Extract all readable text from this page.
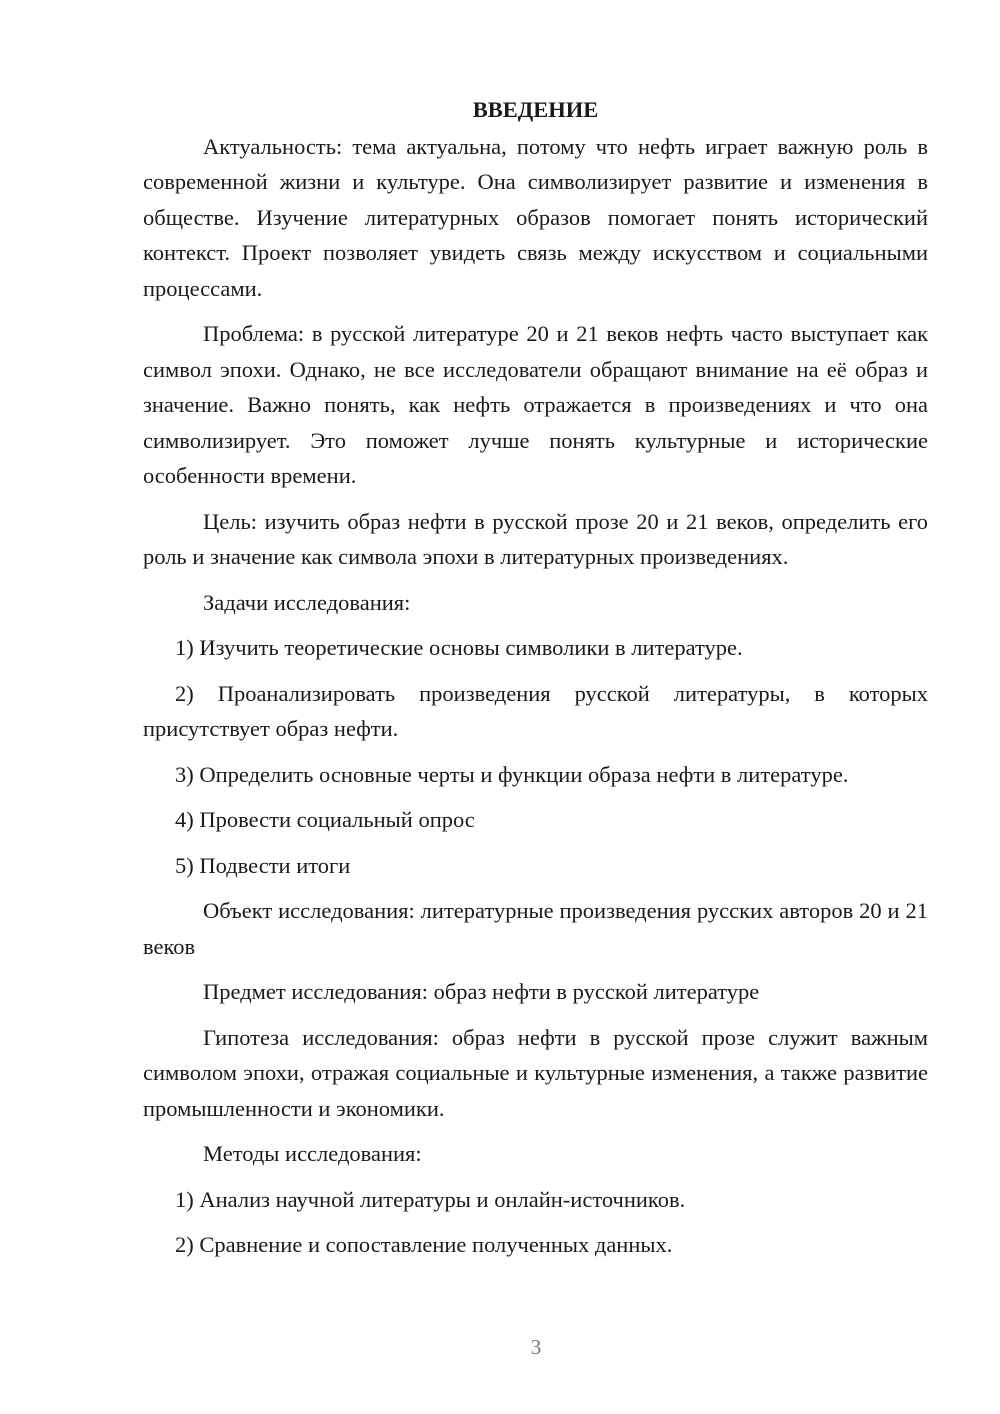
ВВЕДЕНИЕ

Актуальность: тема актуальна, потому что нефть играет важную роль в современной жизни и культуре. Она символизирует развитие и изменения в обществе. Изучение литературных образов помогает понять исторический контекст. Проект позволяет увидеть связь между искусством и социальными процессами.

Проблема: в русской литературе 20 и 21 веков нефть часто выступает как символ эпохи. Однако, не все исследователи обращают внимание на её образ и значение. Важно понять, как нефть отражается в произведениях и что она символизирует. Это поможет лучше понять культурные и исторические особенности времени.

Цель: изучить образ нефти в русской прозе 20 и 21 веков, определить его роль и значение как символа эпохи в литературных произведениях.

Задачи исследования:

1) Изучить теоретические основы символики в литературе.

2) Проанализировать произведения русской литературы, в которых присутствует образ нефти.

3) Определить основные черты и функции образа нефти в литературе.

4) Провести социальный опрос

5) Подвести итоги

Объект исследования: литературные произведения русских авторов 20 и 21 веков

Предмет исследования: образ нефти в русской литературе

Гипотеза исследования: образ нефти в русской прозе служит важным символом эпохи, отражая социальные и культурные изменения, а также развитие промышленности и экономики.

Методы исследования:

1) Анализ научной литературы и онлайн-источников.

2) Сравнение и сопоставление полученных данных.

3
